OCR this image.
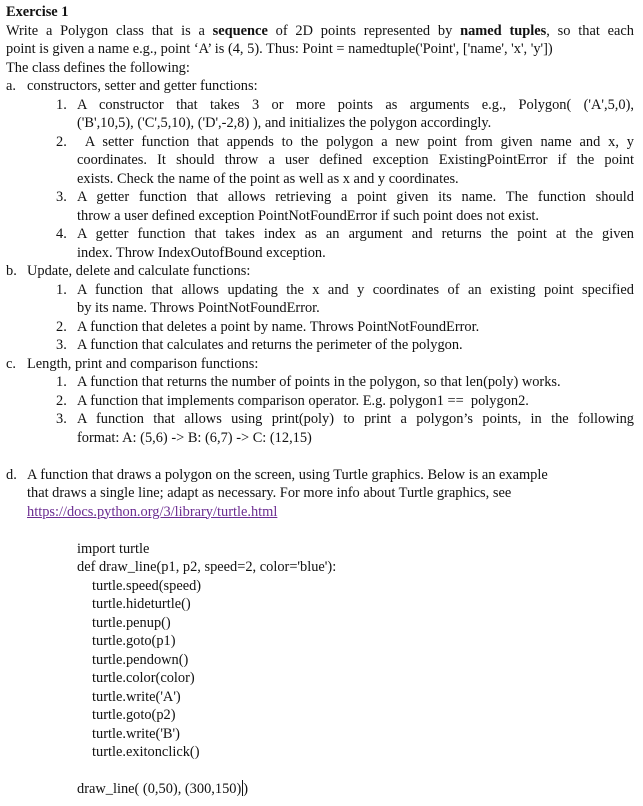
Exercise 1
Write a Polygon class that is a sequence of 2D points represented by named tuples, so that each
point is given a name e.g., point ‘A’ is (4, 5). Thus: Point = namedtuple('Point', ['name', 'x', 'y'])
The class defines the following:
a. constructors, setter and getter functions:
1. A constructor that takes 3 or more points as arguments e.g., Polygon( ('A',5,0),
('B',10,5), ('C',5,10), ('D',-2,8) ), and initializes the polygon accordingly.
2. A setter function that appends to the polygon a new point from given name and x, y
coordinates. It should throw a user defined exception ExistingPointError if the point
exists. Check the name of the point as well as x and y coordinates.
3. A getter function that allows retrieving a point given its name. The function should
throw a user defined exception PointNotFoundError if such point does not exist.
4. A getter function that takes index as an argument and returns the point at the given
index. Throw IndexOutofBound exception.
b. Update, delete and calculate functions:
1. A function that allows updating the x and y coordinates of an existing point specified
by its name. Throws PointNotFoundError.
2. A function that deletes a point by name. Throws PointNotFoundError.
3. A function that calculates and returns the perimeter of the polygon.
c. Length, print and comparison functions:
1. A function that returns the number of points in the polygon, so that len(poly) works.
2. A function that implements comparison operator. E.g. polygon1 ==  polygon2.
3. A function that allows using print(poly) to print a polygon’s points, in the following
format: A: (5,6) -> B: (6,7) -> C: (12,15)
d. A function that draws a polygon on the screen, using Turtle graphics. Below is an example
that draws a single line; adapt as necessary. For more info about Turtle graphics, see
https://docs.python.org/3/library/turtle.html
import turtle
def draw_line(p1, p2, speed=2, color='blue'):
turtle.speed(speed)
turtle.hideturtle()
turtle.penup()
turtle.goto(p1)
turtle.pendown()
turtle.color(color)
turtle.write('A')
turtle.goto(p2)
turtle.write('B')
turtle.exitonclick()
draw_line( (0,50), (300,150) )
